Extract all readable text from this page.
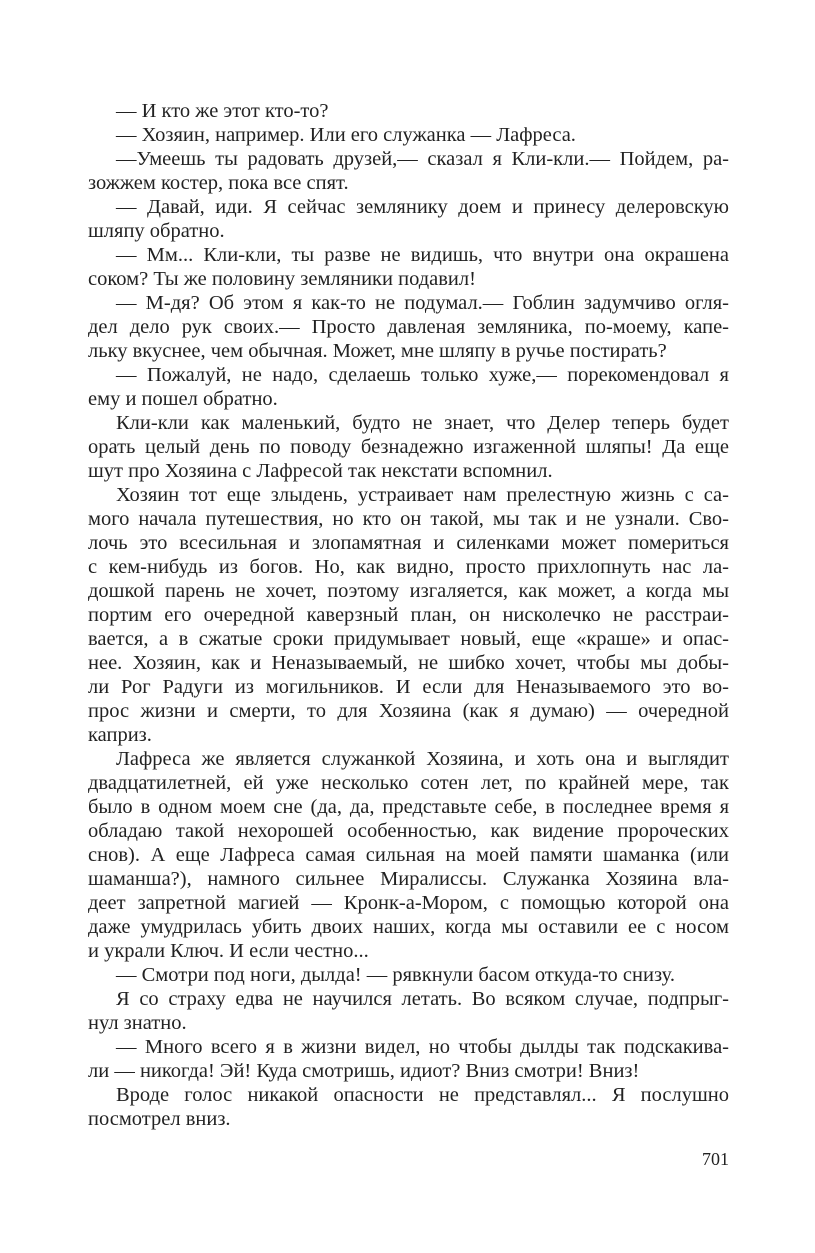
— И кто же этот кто-то?
— Хозяин, например. Или его служанка — Лафреса.
—Умеешь ты радовать друзей,— сказал я Кли-кли.— Пойдем, ра-
зожжем костер, пока все спят.
— Давай, иди. Я сейчас землянику доем и принесу делеровскую
шляпу обратно.
— Мм... Кли-кли, ты разве не видишь, что внутри она окрашена
соком? Ты же половину земляники подавил!
— М-дя? Об этом я как-то не подумал.— Гоблин задумчиво огля-
дел дело рук своих.— Просто давленая земляника, по-моему, капе-
льку вкуснее, чем обычная. Может, мне шляпу в ручье постирать?
— Пожалуй, не надо, сделаешь только хуже,— порекомендовал я
ему и пошел обратно.
Кли-кли как маленький, будто не знает, что Делер теперь будет
орать целый день по поводу безнадежно изгаженной шляпы! Да еще
шут про Хозяина с Лафресой так некстати вспомнил.
Хозяин тот еще злыдень, устраивает нам прелестную жизнь с са-
мого начала путешествия, но кто он такой, мы так и не узнали. Сво-
лочь это всесильная и злопамятная и силенками может помериться
с кем-нибудь из богов. Но, как видно, просто прихлопнуть нас ла-
дошкой парень не хочет, поэтому изгаляется, как может, а когда мы
портим его очередной каверзный план, он нисколечко не расстраи-
вается, а в сжатые сроки придумывает новый, еще «краше» и опас-
нее. Хозяин, как и Неназываемый, не шибко хочет, чтобы мы добы-
ли Рог Радуги из могильников. И если для Неназываемого это во-
прос жизни и смерти, то для Хозяина (как я думаю) — очередной
каприз.
Лафреса же является служанкой Хозяина, и хоть она и выглядит
двадцатилетней, ей уже несколько сотен лет, по крайней мере, так
было в одном моем сне (да, да, представьте себе, в последнее время я
обладаю такой нехорошей особенностью, как видение пророческих
снов). А еще Лафреса самая сильная на моей памяти шаманка (или
шаманша?), намного сильнее Миралиссы. Служанка Хозяина вла-
деет запретной магией — Кронк-а-Мором, с помощью которой она
даже умудрилась убить двоих наших, когда мы оставили ее с носом
и украли Ключ. И если честно...
— Смотри под ноги, дылда! — рявкнули басом откуда-то снизу.
Я со страху едва не научился летать. Во всяком случае, подпрыг-
нул знатно.
— Много всего я в жизни видел, но чтобы дылды так подскакива-
ли — никогда! Эй! Куда смотришь, идиот? Вниз смотри! Вниз!
Вроде голос никакой опасности не представлял... Я послушно
посмотрел вниз.
701
